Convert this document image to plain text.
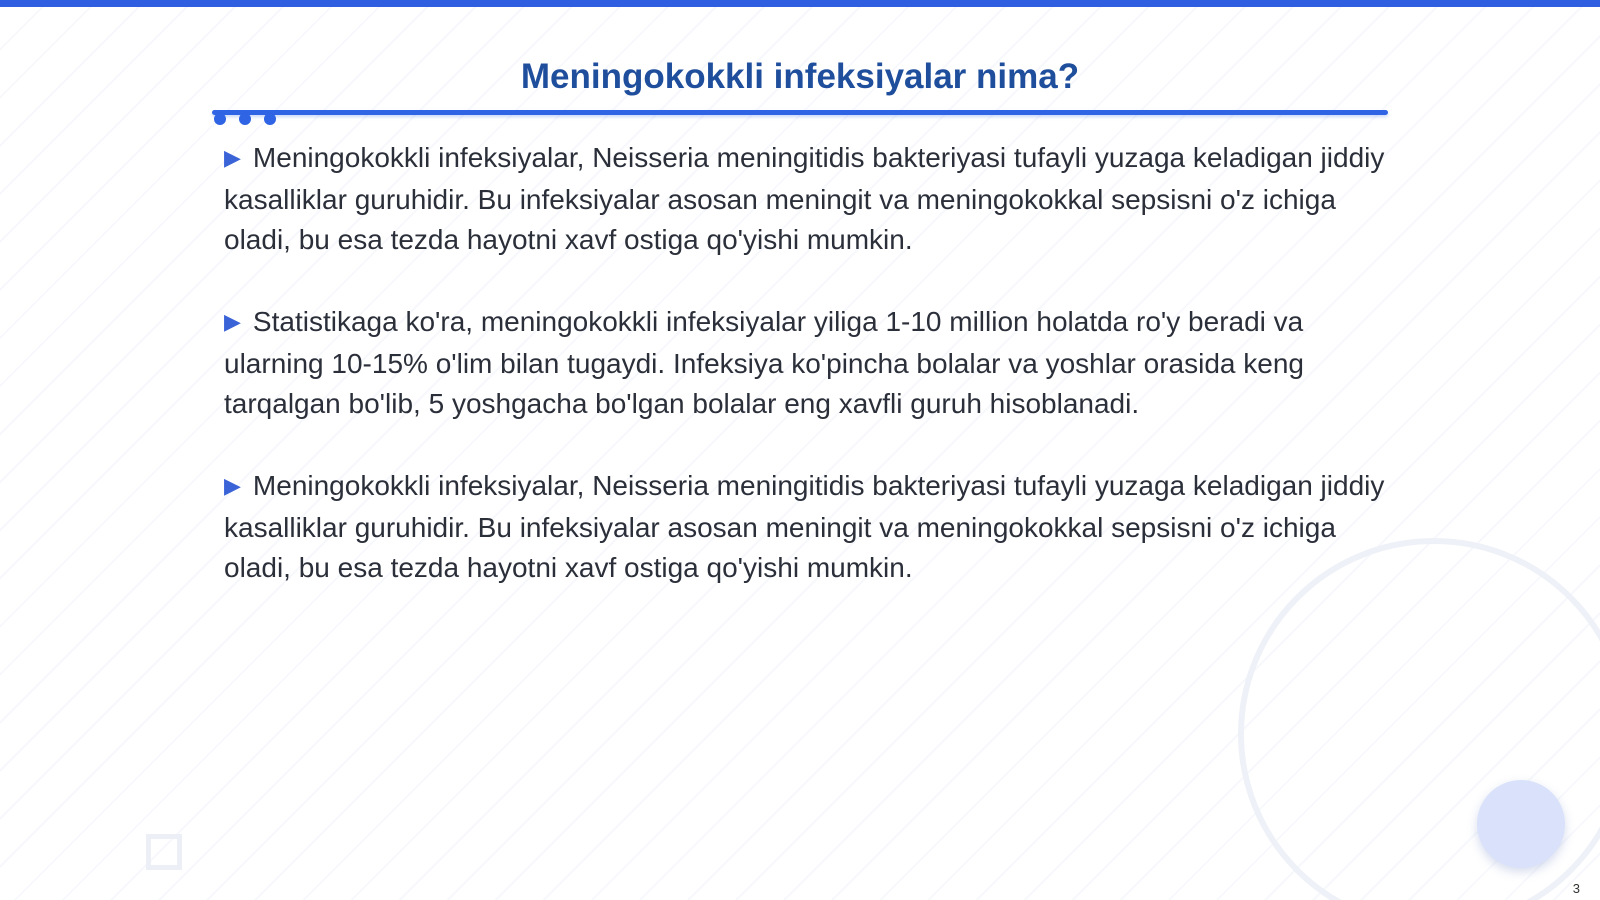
Meningokokkli infeksiyalar nima?

▶ Meningokokkli infeksiyalar, Neisseria meningitidis bakteriyasi tufayli yuzaga keladigan jiddiy kasalliklar guruhidir. Bu infeksiyalar asosan meningit va meningokokkal sepsisni o'z ichiga oladi, bu esa tezda hayotni xavf ostiga qo'yishi mumkin.

▶ Statistikaga ko'ra, meningokokkli infeksiyalar yiliga 1-10 million holatda ro'y beradi va ularning 10-15% o'lim bilan tugaydi. Infeksiya ko'pincha bolalar va yoshlar orasida keng tarqalgan bo'lib, 5 yoshgacha bo'lgan bolalar eng xavfli guruh hisoblanadi.

▶ Meningokokkli infeksiyalar, Neisseria meningitidis bakteriyasi tufayli yuzaga keladigan jiddiy kasalliklar guruhidir. Bu infeksiyalar asosan meningit va meningokokkal sepsisni o'z ichiga oladi, bu esa tezda hayotni xavf ostiga qo'yishi mumkin.

3
